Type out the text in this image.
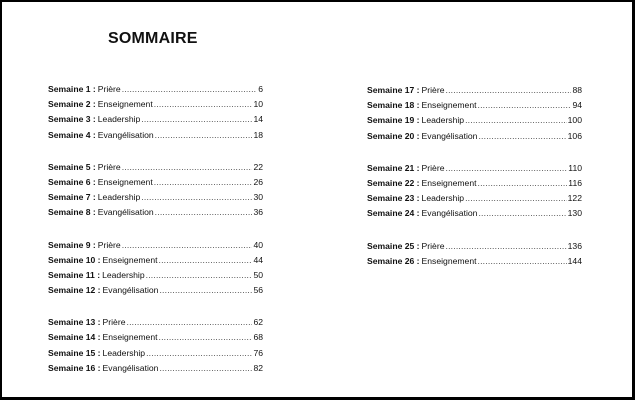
SOMMAIRE
Semaine 1 : Prière .....	6
Semaine 2 : Enseignement .....	10
Semaine 3 : Leadership .....	14
Semaine 4 : Evangélisation .....	18
Semaine 5 : Prière .....	22
Semaine 6 : Enseignement .....	26
Semaine 7 : Leadership .....	30
Semaine 8 : Evangélisation .....	36
Semaine 9 : Prière .....	40
Semaine 10 : Enseignement .....	44
Semaine 11 : Leadership .....	50
Semaine 12 : Evangélisation .....	56
Semaine 13 : Prière .....	62
Semaine 14 : Enseignement .....	68
Semaine 15 : Leadership .....	76
Semaine 16 : Evangélisation .....	82
Semaine 17 : Prière .....	88
Semaine 18 : Enseignement .....	94
Semaine 19 : Leadership .....	100
Semaine 20 : Evangélisation .....	106
Semaine 21 : Prière .....	110
Semaine 22 : Enseignement .....	116
Semaine 23 : Leadership .....	122
Semaine 24 : Evangélisation .....	130
Semaine 25 : Prière .....	136
Semaine 26 : Enseignement .....	144
